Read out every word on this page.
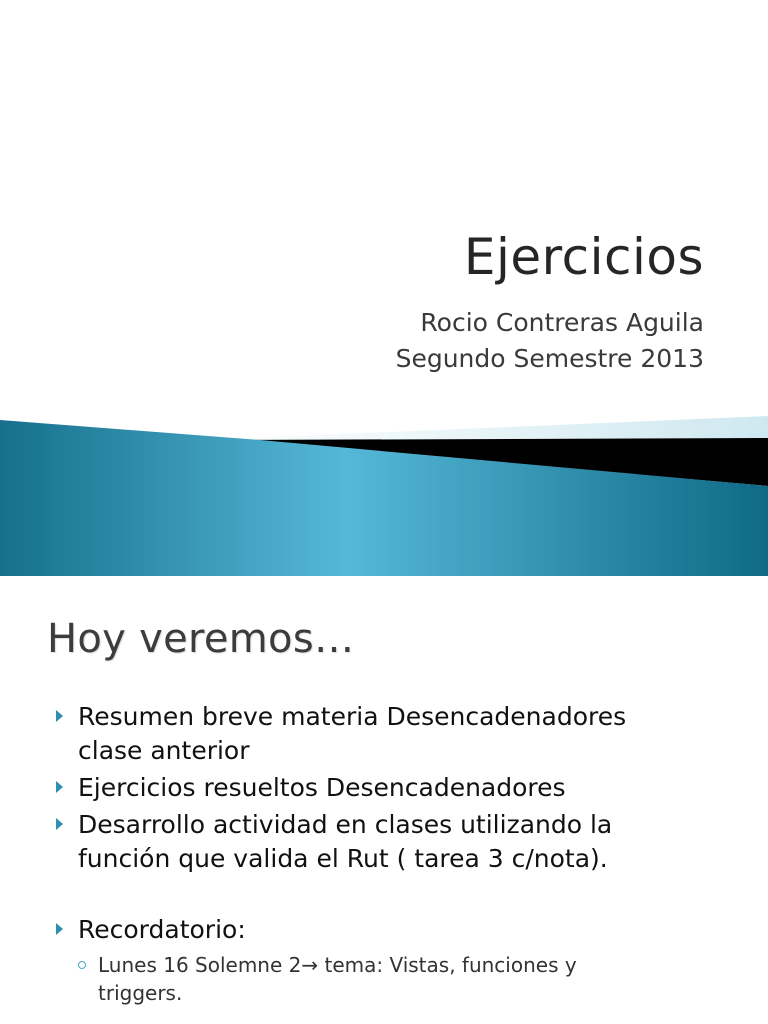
Ejercicios
Rocio Contreras Aguila
Segundo Semestre 2013
Hoy veremos…
Resumen breve materia Desencadenadores
clase anterior
Ejercicios resueltos Desencadenadores
Desarrollo actividad en clases utilizando la
función que valida el Rut ( tarea 3 c/nota).
Recordatorio:
Lunes 16 Solemne 2→ tema: Vistas, funciones y
triggers.
